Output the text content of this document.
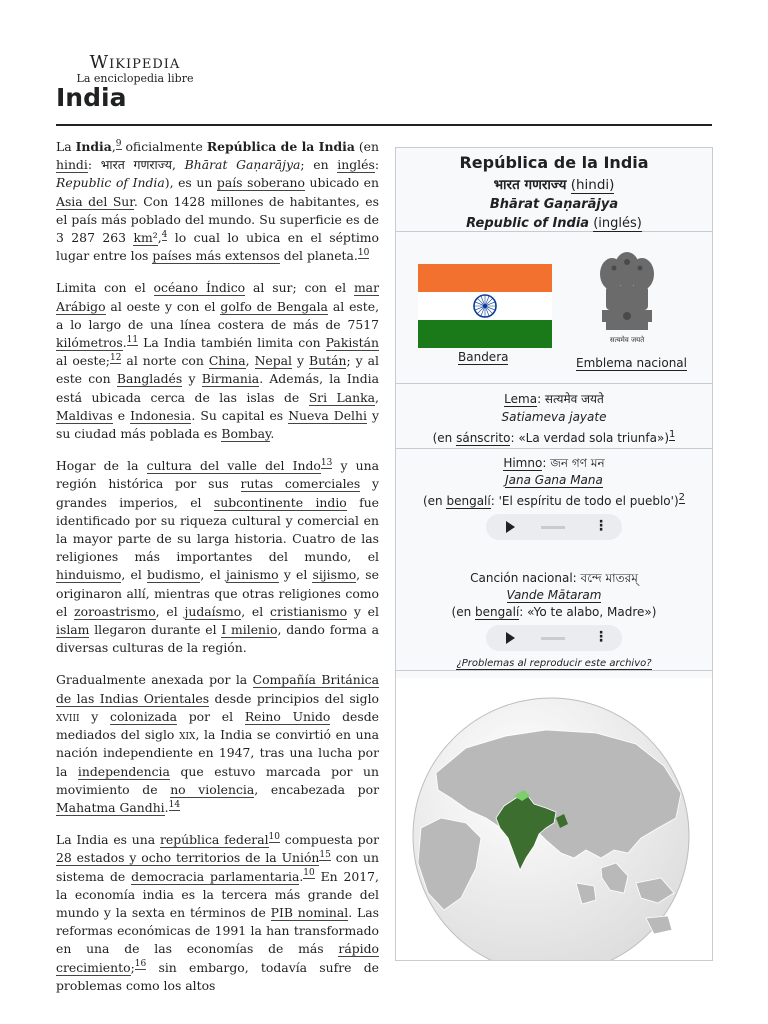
Wikipedia
La enciclopedia libre
India

La India,$^9$​ oficialmente República de la India (en hindi: भारत गणराज्य, Bhārat Gaṇarājya; en inglés: Republic of India), es un país soberano ubicado en Asia del Sur. Con 1428 millones de habitantes, es el país más poblado del mundo. Su superficie es de 3 287 263 km²,$^4$​ lo cual lo ubica en el séptimo lugar entre los países más extensos del planeta.$^{10}$

Limita con el océano Índico al sur; con el mar Arábigo al oeste y con el golfo de Bengala al este, a lo largo de una línea costera de más de 7517 kilómetros.$^{11}$​ La India también limita con Pakistán al oeste;$^{12}$​ al norte con China, Nepal y Bután; y al este con Bangladés y Birmania. Además, la India está ubicada cerca de las islas de Sri Lanka, Maldivas e Indonesia. Su capital es Nueva Delhi y su ciudad más poblada es Bombay.

Hogar de la cultura del valle del Indo$^{13}$​ y una región histórica por sus rutas comerciales y grandes imperios, el subcontinente indio fue identificado por su riqueza cultural y comercial en la mayor parte de su larga historia. Cuatro de las religiones más importantes del mundo, el hinduismo, el budismo, el jainismo y el sijismo, se originaron allí, mientras que otras religiones como el zoroastrismo, el judaísmo, el cristianismo y el islam llegaron durante el I milenio, dando forma a diversas culturas de la región.

Gradualmente anexada por la Compañía Británica de las Indias Orientales desde principios del siglo xviii y colonizada por el Reino Unido desde mediados del siglo xix, la India se convirtió en una nación independiente en 1947, tras una lucha por la independencia que estuvo marcada por un movimiento de no violencia, encabezada por Mahatma Gandhi.$^{14}$

La India es una república federal$^{10}$​ compuesta por 28 estados y ocho territorios de la Unión$^{15}$​ con un sistema de democracia parlamentaria.$^{10}$​ En 2017, la economía india es la tercera más grande del mundo y la sexta en términos de PIB nominal. Las reformas económicas de 1991 la han transformado en una de las economías de más rápido crecimiento;$^{16}$​ sin embargo, todavía sufre de problemas como los altos

República de la India
भारत गणराज्य (hindi)
Bhārat Gaṇarājya
Republic of India (inglés)
Bandera
सत्यमेव जयते
Emblema nacional
Lema: सत्यमेव जयते
Satiameva jayate
(en sánscrito: «La verdad sola triunfa»)$^1$
Himno: জন গণ মন
Jana Gana Mana
(en bengalí: 'El espíritu de todo el pueblo')$^2$
⋮
Canción nacional: বন্দে মাতরম্
Vande Mātaram
(en bengalí: «Yo te alabo, Madre»)
⋮
¿Problemas al reproducir este archivo?
